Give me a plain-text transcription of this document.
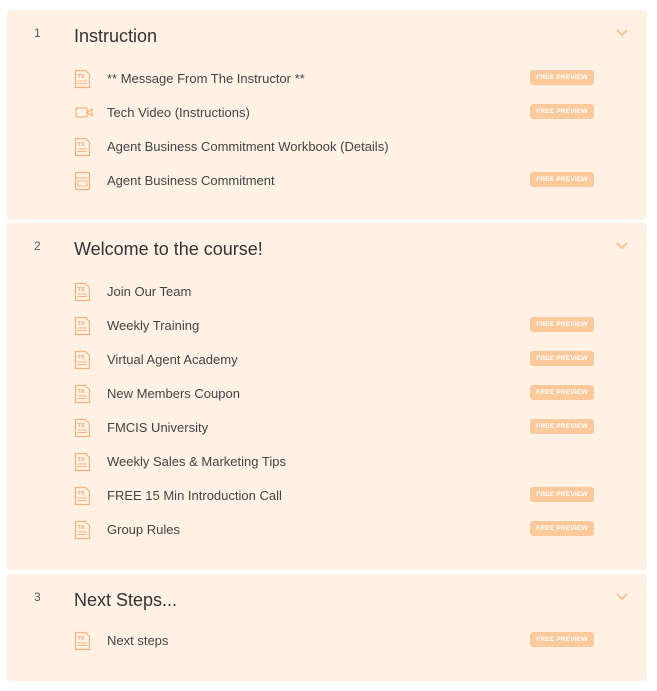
1 Instruction
TX ** Message From The Instructor **	FREE PREVIEW
Tech Video (Instructions)	FREE PREVIEW
TX Agent Business Commitment Workbook (Details)
Agent Business Commitment	FREE PREVIEW
2 Welcome to the course!
TX Join Our Team
TX Weekly Training	FREE PREVIEW
TX Virtual Agent Academy	FREE PREVIEW
TX New Members Coupon	FREE PREVIEW
TX FMCIS University	FREE PREVIEW
TX Weekly Sales & Marketing Tips
TX FREE 15 Min Introduction Call	FREE PREVIEW
TX Group Rules	FREE PREVIEW
3 Next Steps...
TX Next steps	FREE PREVIEW
